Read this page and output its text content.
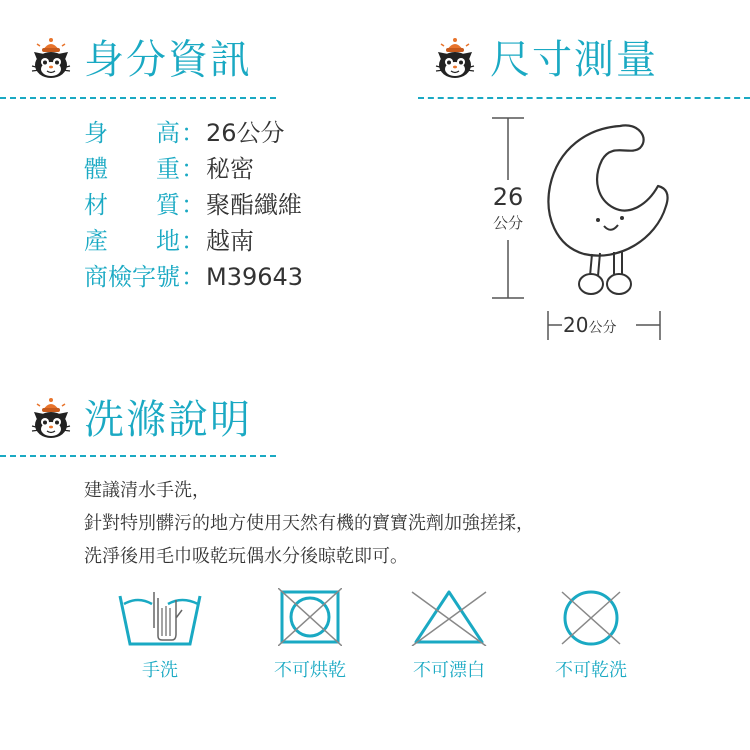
身分資訊
身　　高：26公分
體　　重：秘密
材　　質：聚酯纖維
產　　地：越南
商檢字號：M39643
尺寸測量
26
公分
20公分
洗滌說明
建議清水手洗，
針對特別髒污的地方使用天然有機的寶寶洗劑加強搓揉，
洗淨後用毛巾吸乾玩偶水分後晾乾即可。
手洗	不可烘乾	不可漂白	不可乾洗
